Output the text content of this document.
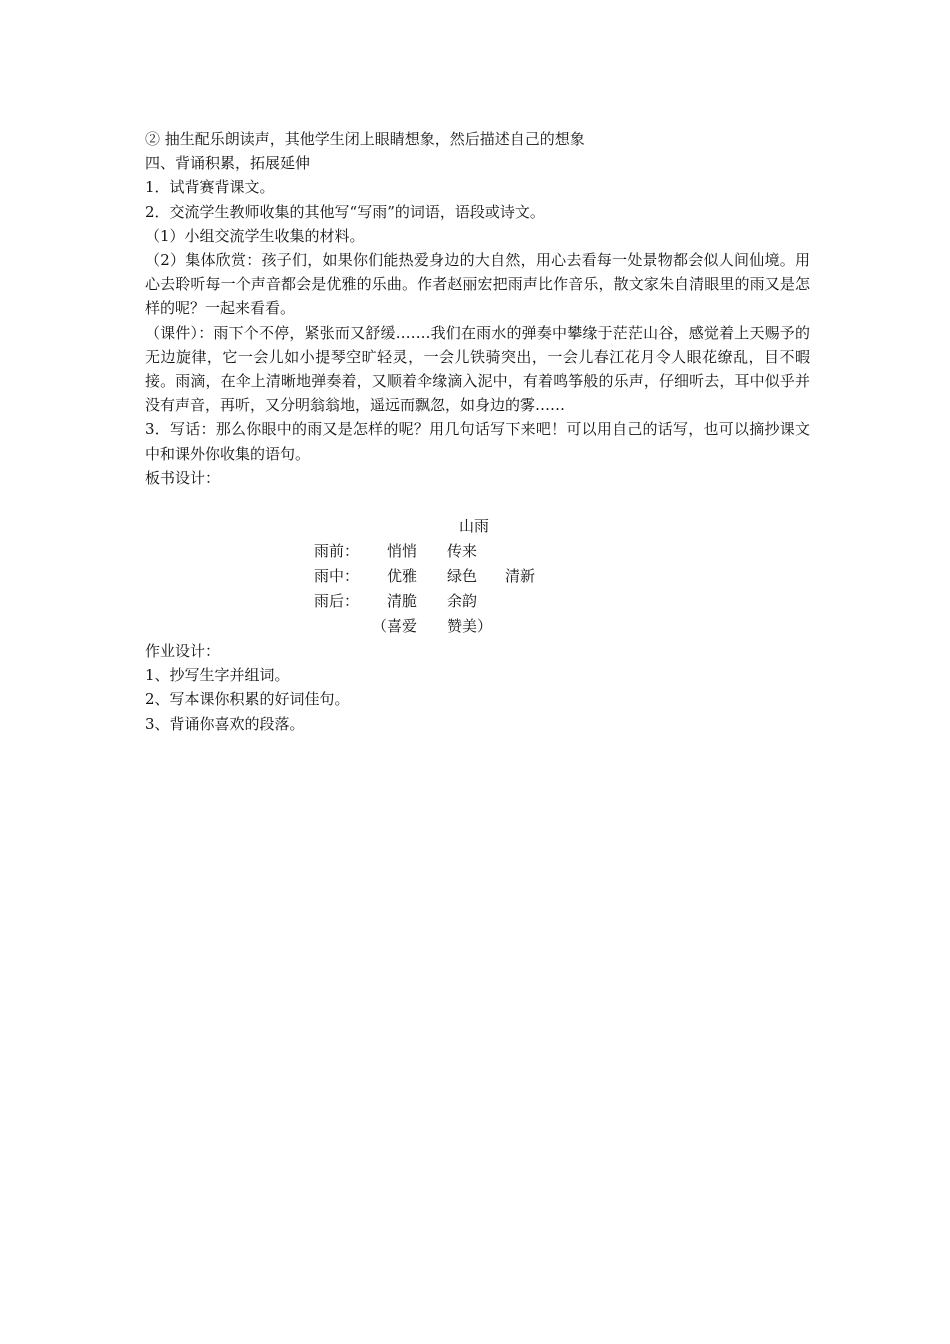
② 抽生配乐朗读声，其他学生闭上眼睛想象，然后描述自己的想象
四、背诵积累，拓展延伸
1．试背赛背课文。
2．交流学生教师收集的其他写“写雨”的词语，语段或诗文。
（1）小组交流学生收集的材料。
（2）集体欣赏：孩子们，如果你们能热爱身边的大自然，用心去看每一处景物都会似人间仙境。用心去聆听每一个声音都会是优雅的乐曲。作者赵丽宏把雨声比作音乐，散文家朱自清眼里的雨又是怎样的呢？一起来看看。
（课件）：雨下个不停，紧张而又舒缓…….我们在雨水的弹奏中攀缘于茫茫山谷，感觉着上天赐予的无边旋律，它一会儿如小提琴空旷轻灵，一会儿铁骑突出，一会儿春江花月令人眼花缭乱，目不暇接。雨滴，在伞上清晰地弹奏着，又顺着伞缘滴入泥中，有着鸣筝般的乐声，仔细听去，耳中似乎并没有声音，再听，又分明翁翁地，遥远而飘忽，如身边的雾……
3．写话：那么你眼中的雨又是怎样的呢？用几句话写下来吧！可以用自己的话写，也可以摘抄课文中和课外你收集的语句。
板书设计：
山雨
雨前： 悄悄 传来
雨中： 优雅 绿色 清新
雨后： 清脆 余韵
（喜爱 赞美）
作业设计：
1、抄写生字并组词。
2、写本课你积累的好词佳句。
3、背诵你喜欢的段落。
